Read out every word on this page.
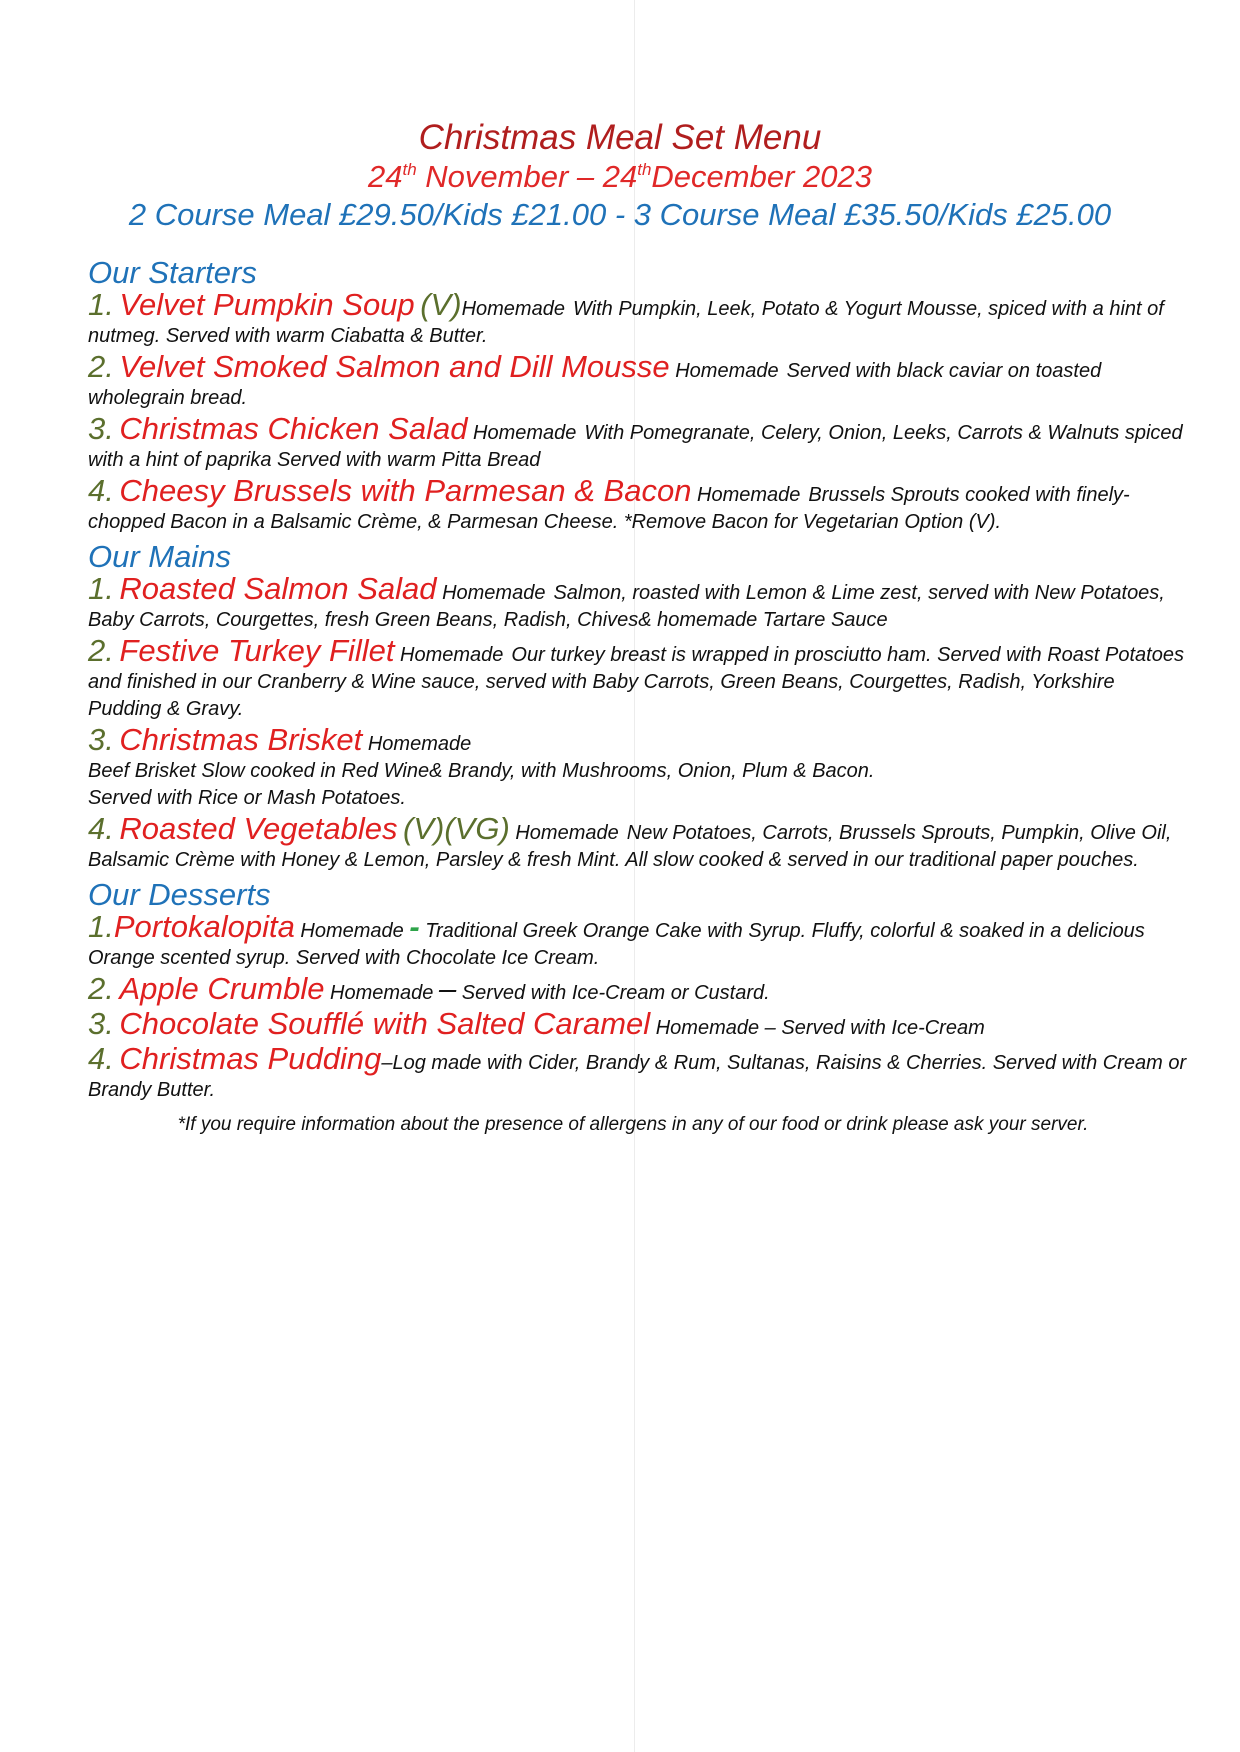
Christmas Meal Set Menu
24th November – 24thDecember 2023
2 Course Meal £29.50/Kids £21.00 - 3 Course Meal £35.50/Kids £25.00
Our Starters
1. Velvet Pumpkin Soup (V)Homemade With Pumpkin, Leek, Potato & Yogurt Mousse, spiced with a hint of nutmeg. Served with warm Ciabatta & Butter.
2. Velvet Smoked Salmon and Dill Mousse Homemade Served with black caviar on toasted wholegrain bread.
3. Christmas Chicken Salad Homemade With Pomegranate, Celery, Onion, Leeks, Carrots & Walnuts spiced with a hint of paprika Served with warm Pitta Bread
4. Cheesy Brussels with Parmesan & Bacon Homemade Brussels Sprouts cooked with finely-chopped Bacon in a Balsamic Crème, & Parmesan Cheese. *Remove Bacon for Vegetarian Option (V).
Our Mains
1. Roasted Salmon Salad Homemade Salmon, roasted with Lemon & Lime zest, served with New Potatoes, Baby Carrots, Courgettes, fresh Green Beans, Radish, Chives& homemade Tartare Sauce
2. Festive Turkey Fillet Homemade Our turkey breast is wrapped in prosciutto ham. Served with Roast Potatoes and finished in our Cranberry & Wine sauce, served with Baby Carrots, Green Beans, Courgettes, Radish, Yorkshire Pudding & Gravy.
3. Christmas Brisket Homemade
Beef Brisket Slow cooked in Red Wine& Brandy, with Mushrooms, Onion, Plum & Bacon.
Served with Rice or Mash Potatoes.
4. Roasted Vegetables (V)(VG) Homemade New Potatoes, Carrots, Brussels Sprouts, Pumpkin, Olive Oil, Balsamic Crème with Honey & Lemon, Parsley & fresh Mint. All slow cooked & served in our traditional paper pouches.
Our Desserts
1.Portokalopita Homemade - Traditional Greek Orange Cake with Syrup. Fluffy, colorful & soaked in a delicious Orange scented syrup. Served with Chocolate Ice Cream.
2. Apple Crumble Homemade – Served with Ice-Cream or Custard.
3. Chocolate Soufflé with Salted Caramel Homemade – Served with Ice-Cream
4. Christmas Pudding–Log made with Cider, Brandy & Rum, Sultanas, Raisins & Cherries. Served with Cream or Brandy Butter.
*If you require information about the presence of allergens in any of our food or drink please ask your server.
